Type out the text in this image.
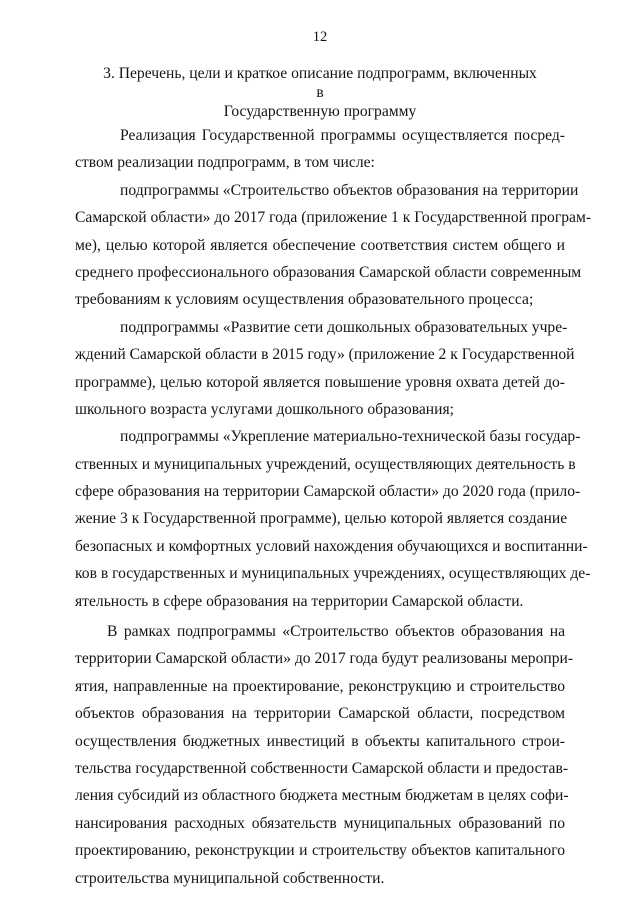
12
3. Перечень, цели и краткое описание подпрограмм, включенных в
Государственную программу
Реализация Государственной программы осуществляется посред-
ством реализации подпрограмм, в том числе:
подпрограммы «Строительство объектов образования на территории
Самарской области» до 2017 года (приложение 1 к Государственной програм-
ме), целью которой является обеспечение соответствия систем общего и
среднего профессионального образования Самарской области современным
требованиям к условиям осуществления образовательного процесса;
подпрограммы «Развитие сети дошкольных образовательных учре-
ждений Самарской области в 2015 году» (приложение 2 к Государственной
программе), целью которой является повышение уровня охвата детей до-
школьного возраста услугами дошкольного образования;
подпрограммы «Укрепление материально-технической базы государ-
ственных и муниципальных учреждений, осуществляющих деятельность в
сфере образования на территории Самарской области» до 2020 года (прило-
жение 3 к Государственной программе), целью которой является создание
безопасных и комфортных условий нахождения обучающихся и воспитанни-
ков в государственных и муниципальных учреждениях, осуществляющих де-
ятельность в сфере образования на территории Самарской области.
В рамках подпрограммы «Строительство объектов образования на
территории Самарской области» до 2017 года будут реализованы меропри-
ятия, направленные на проектирование, реконструкцию и строительство
объектов образования на территории Самарской области, посредством
осуществления бюджетных инвестиций в объекты капитального строи-
тельства государственной собственности Самарской области и предостав-
ления субсидий из областного бюджета местным бюджетам в целях софи-
нансирования расходных обязательств муниципальных образований по
проектированию, реконструкции и строительству объектов капитального
строительства муниципальной собственности.
